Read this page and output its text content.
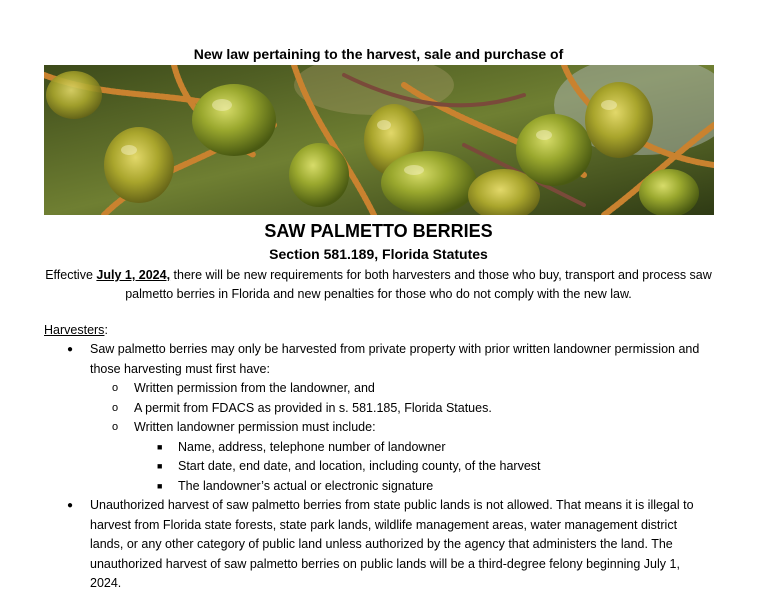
New law pertaining to the harvest, sale and purchase of
SAW PALMETTO BERRIES
Section 581.189, Florida Statutes
Effective July 1, 2024, there will be new requirements for both harvesters and those who buy, transport and process saw palmetto berries in Florida and new penalties for those who do not comply with the new law.
Harvesters:
● Saw palmetto berries may only be harvested from private property with prior written landowner permission and those harvesting must first have:
o Written permission from the landowner, and
o A permit from FDACS as provided in s. 581.185, Florida Statues.
o Written landowner permission must include:
■ Name, address, telephone number of landowner
■ Start date, end date, and location, including county, of the harvest
■ The landowner’s actual or electronic signature
● Unauthorized harvest of saw palmetto berries from state public lands is not allowed. That means it is illegal to harvest from Florida state forests, state park lands, wildlife management areas, water management district lands, or any other category of public land unless authorized by the agency that administers the land. The unauthorized harvest of saw palmetto berries on public lands will be a third-degree felony beginning July 1, 2024.
